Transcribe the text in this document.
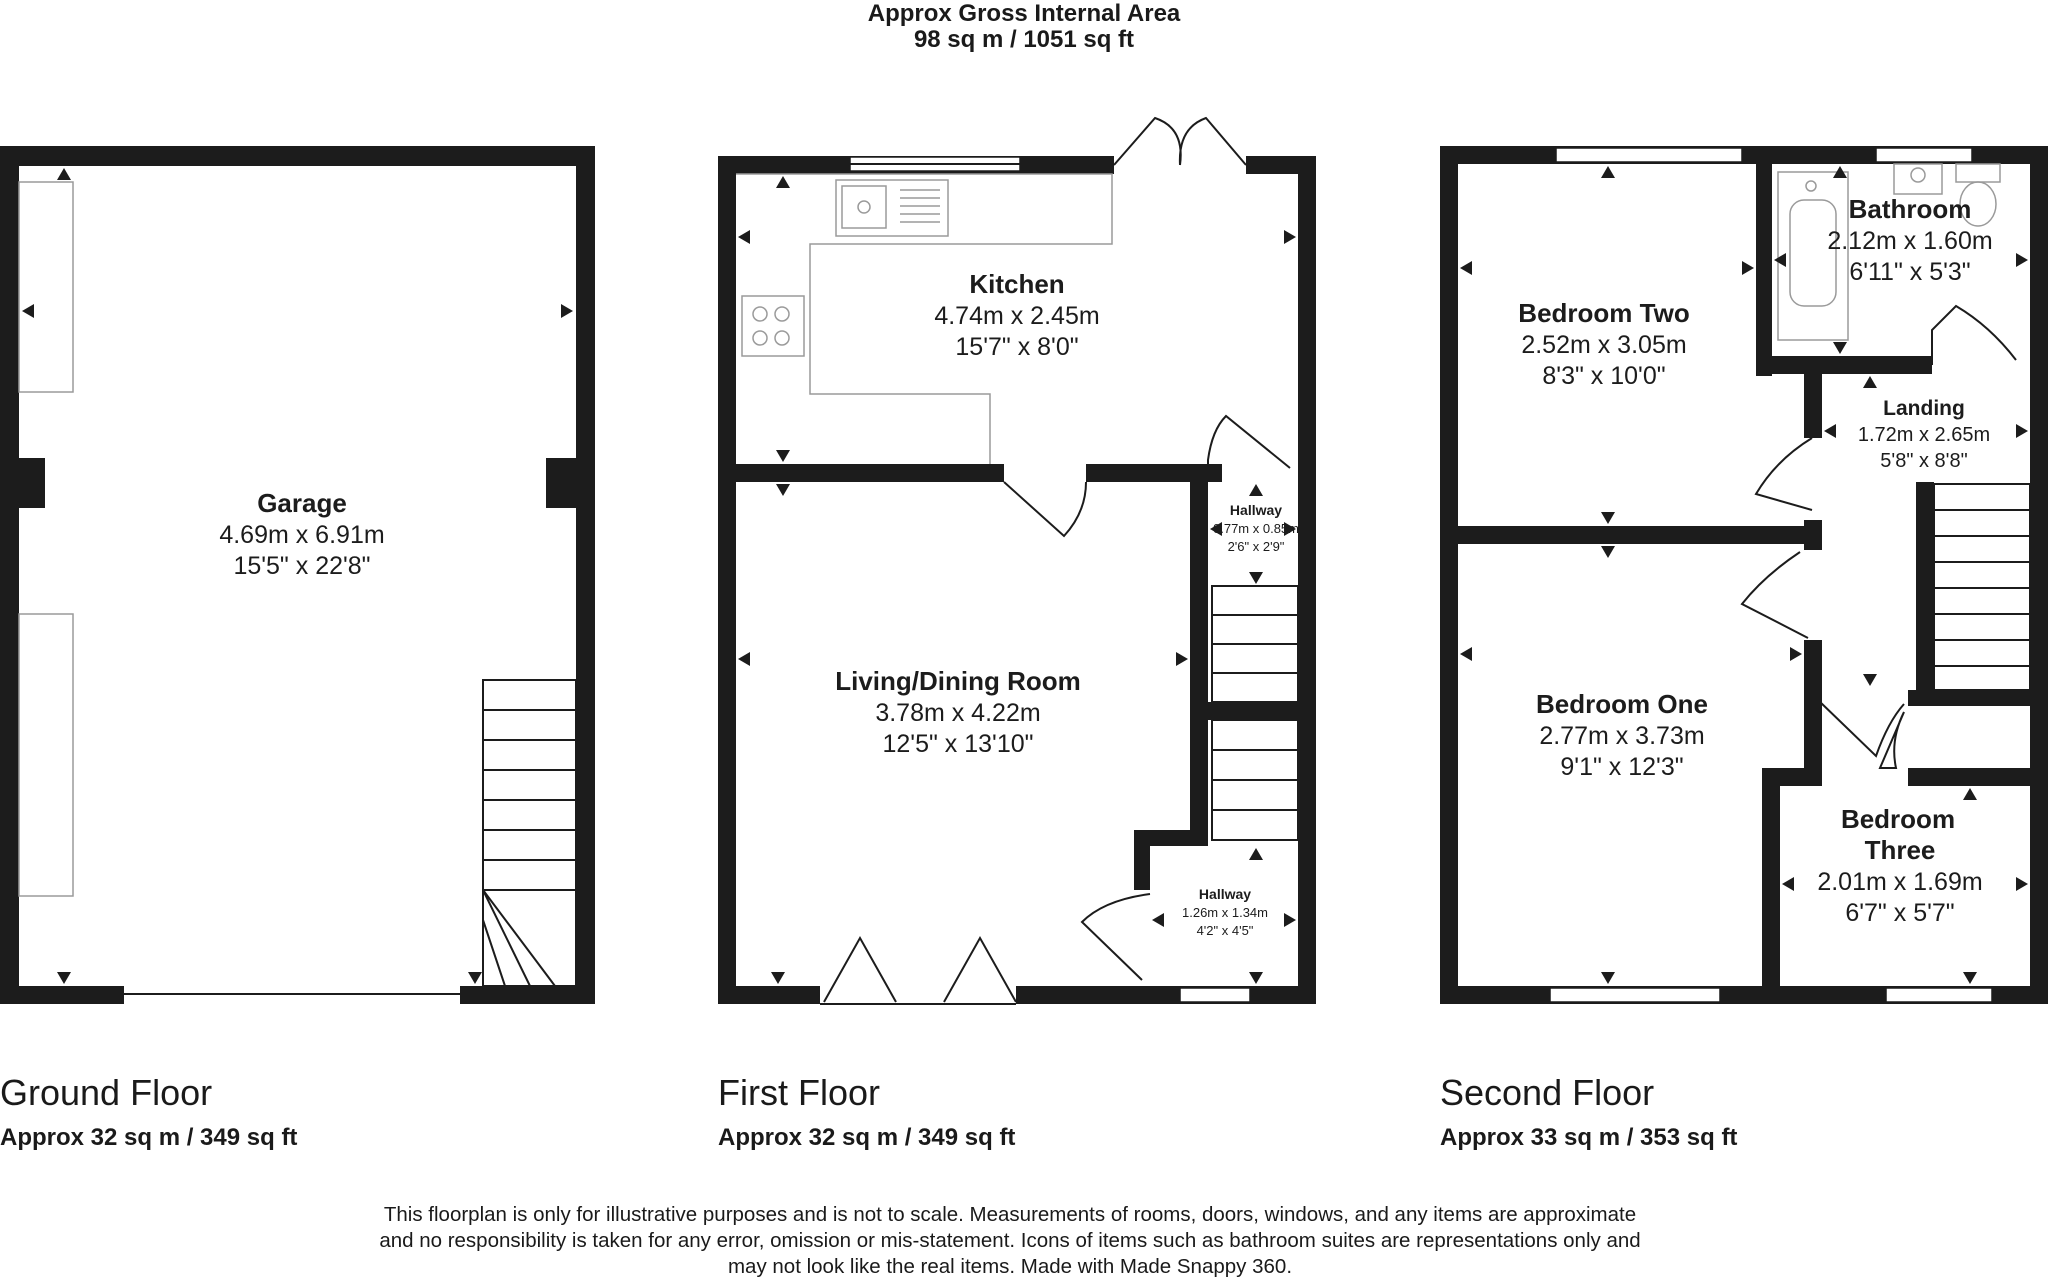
Approx Gross Internal Area
98 sq m / 1051 sq ft
Garage
4.69m x 6.91m
15'5" x 22'8"
Kitchen
4.74m x 2.45m
15'7" x 8'0"
Hallway
0.77m x 0.85m
2'6" x 2'9"
Living/Dining Room
3.78m x 4.22m
12'5" x 13'10"
Hallway
1.26m x 1.34m
4'2" x 4'5"
Bedroom Two
2.52m x 3.05m
8'3" x 10'0"
Bathroom
2.12m x 1.60m
6'11" x 5'3"
Landing
1.72m x 2.65m
5'8" x 8'8"
Bedroom One
2.77m x 3.73m
9'1" x 12'3"
Bedroom
Three
2.01m x 1.69m
6'7" x 5'7"
Ground Floor
Approx 32 sq m / 349 sq ft
First Floor
Approx 32 sq m / 349 sq ft
Second Floor
Approx 33 sq m / 353 sq ft
This floorplan is only for illustrative purposes and is not to scale. Measurements of rooms, doors, windows, and any items are approximate
and no responsibility is taken for any error, omission or mis-statement. Icons of items such as bathroom suites are representations only and
may not look like the real items. Made with Made Snappy 360.
